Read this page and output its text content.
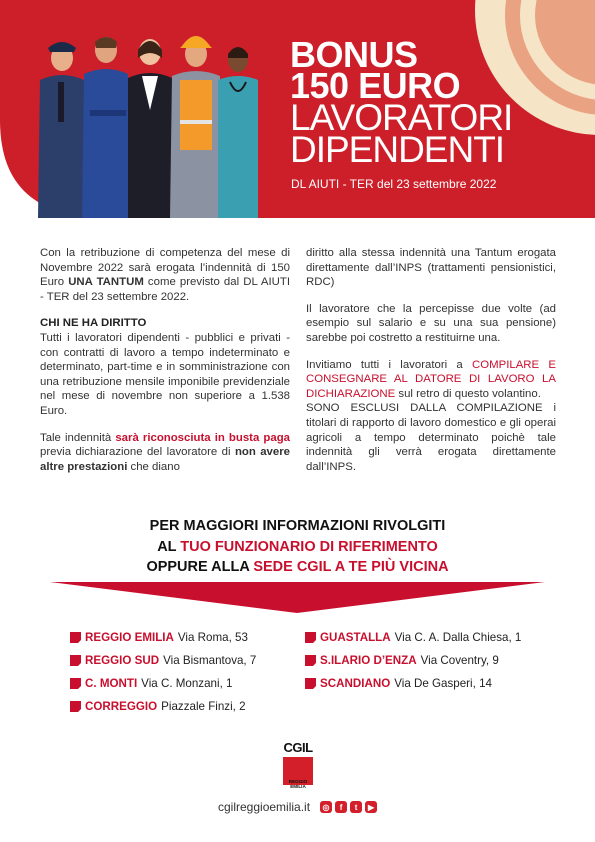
BONUS
150 EURO
LAVORATORI
DIPENDENTI
DL AIUTI - TER del 23 settembre 2022

Con la retribuzione di competenza del mese di Novembre 2022 sarà erogata l’indennità di 150 Euro UNA TANTUM come previsto dal DL AIUTI - TER del 23 settembre 2022.

CHI NE HA DIRITTO
Tutti i lavoratori dipendenti - pubblici e privati - con contratti di lavoro a tempo indeterminato e determinato, part-time e in somministrazione con una retribuzione mensile imponibile previdenziale nel mese di novembre non superiore a 1.538 Euro.

Tale indennità sarà riconosciuta in busta paga previa dichiarazione del lavoratore di non avere altre prestazioni che diano

diritto alla stessa indennità una Tantum erogata direttamente dall’INPS (trattamenti pensionistici, RDC)

Il lavoratore che la percepisse due volte (ad esempio sul salario e su una sua pensione) sarebbe poi costretto a restituirne una.

Invitiamo tutti i lavoratori a COMPILARE E CONSEGNARE AL DATORE DI LAVORO LA DICHIARAZIONE sul retro di questo volantino.

SONO ESCLUSI DALLA COMPILAZIONE i titolari di rapporto di lavoro domestico e gli operai agricoli a tempo determinato poichè tale indennità gli verrà erogata direttamente dall’INPS.

PER MAGGIORI INFORMAZIONI RIVOLGITI
AL TUO FUNZIONARIO DI RIFERIMENTO
OPPURE ALLA SEDE CGIL A TE PIÙ VICINA
REGGIO EMILIA Via Roma, 53
REGGIO SUD Via Bismantova, 7
C. MONTI Via C. Monzani, 1
CORREGGIO Piazzale Finzi, 2
GUASTALLA Via C. A. Dalla Chiesa, 1
S.ILARIO D’ENZA Via Coventry, 9
SCANDIANO Via De Gasperi, 14
CGIL
REGGIO EMILIA
cgilreggioemilia.it	◎	f	t	▶
